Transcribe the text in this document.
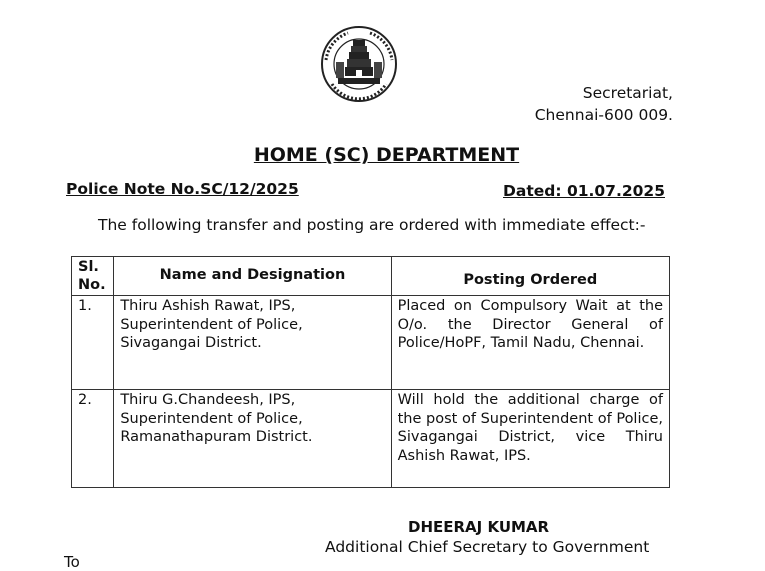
Secretariat,
Chennai-600 009.
HOME (SC) DEPARTMENT
Police Note No.SC/12/2025	Dated: 01.07.2025
The following transfer and posting are ordered with immediate effect:-
Sl.
No.	Name and Designation	Posting Ordered
1.	Thiru Ashish Rawat, IPS,
Superintendent of Police,
Sivagangai District.	Placed on Compulsory Wait at the O/o. the Director General of Police/HoPF, Tamil Nadu, Chennai.
2.	Thiru G.Chandeesh, IPS,
Superintendent of Police,
Ramanathapuram District.	Will hold the additional charge of the post of Superintendent of Police, Sivagangai District, vice Thiru Ashish Rawat, IPS.
DHEERAJ KUMAR
Additional Chief Secretary to Government
To
